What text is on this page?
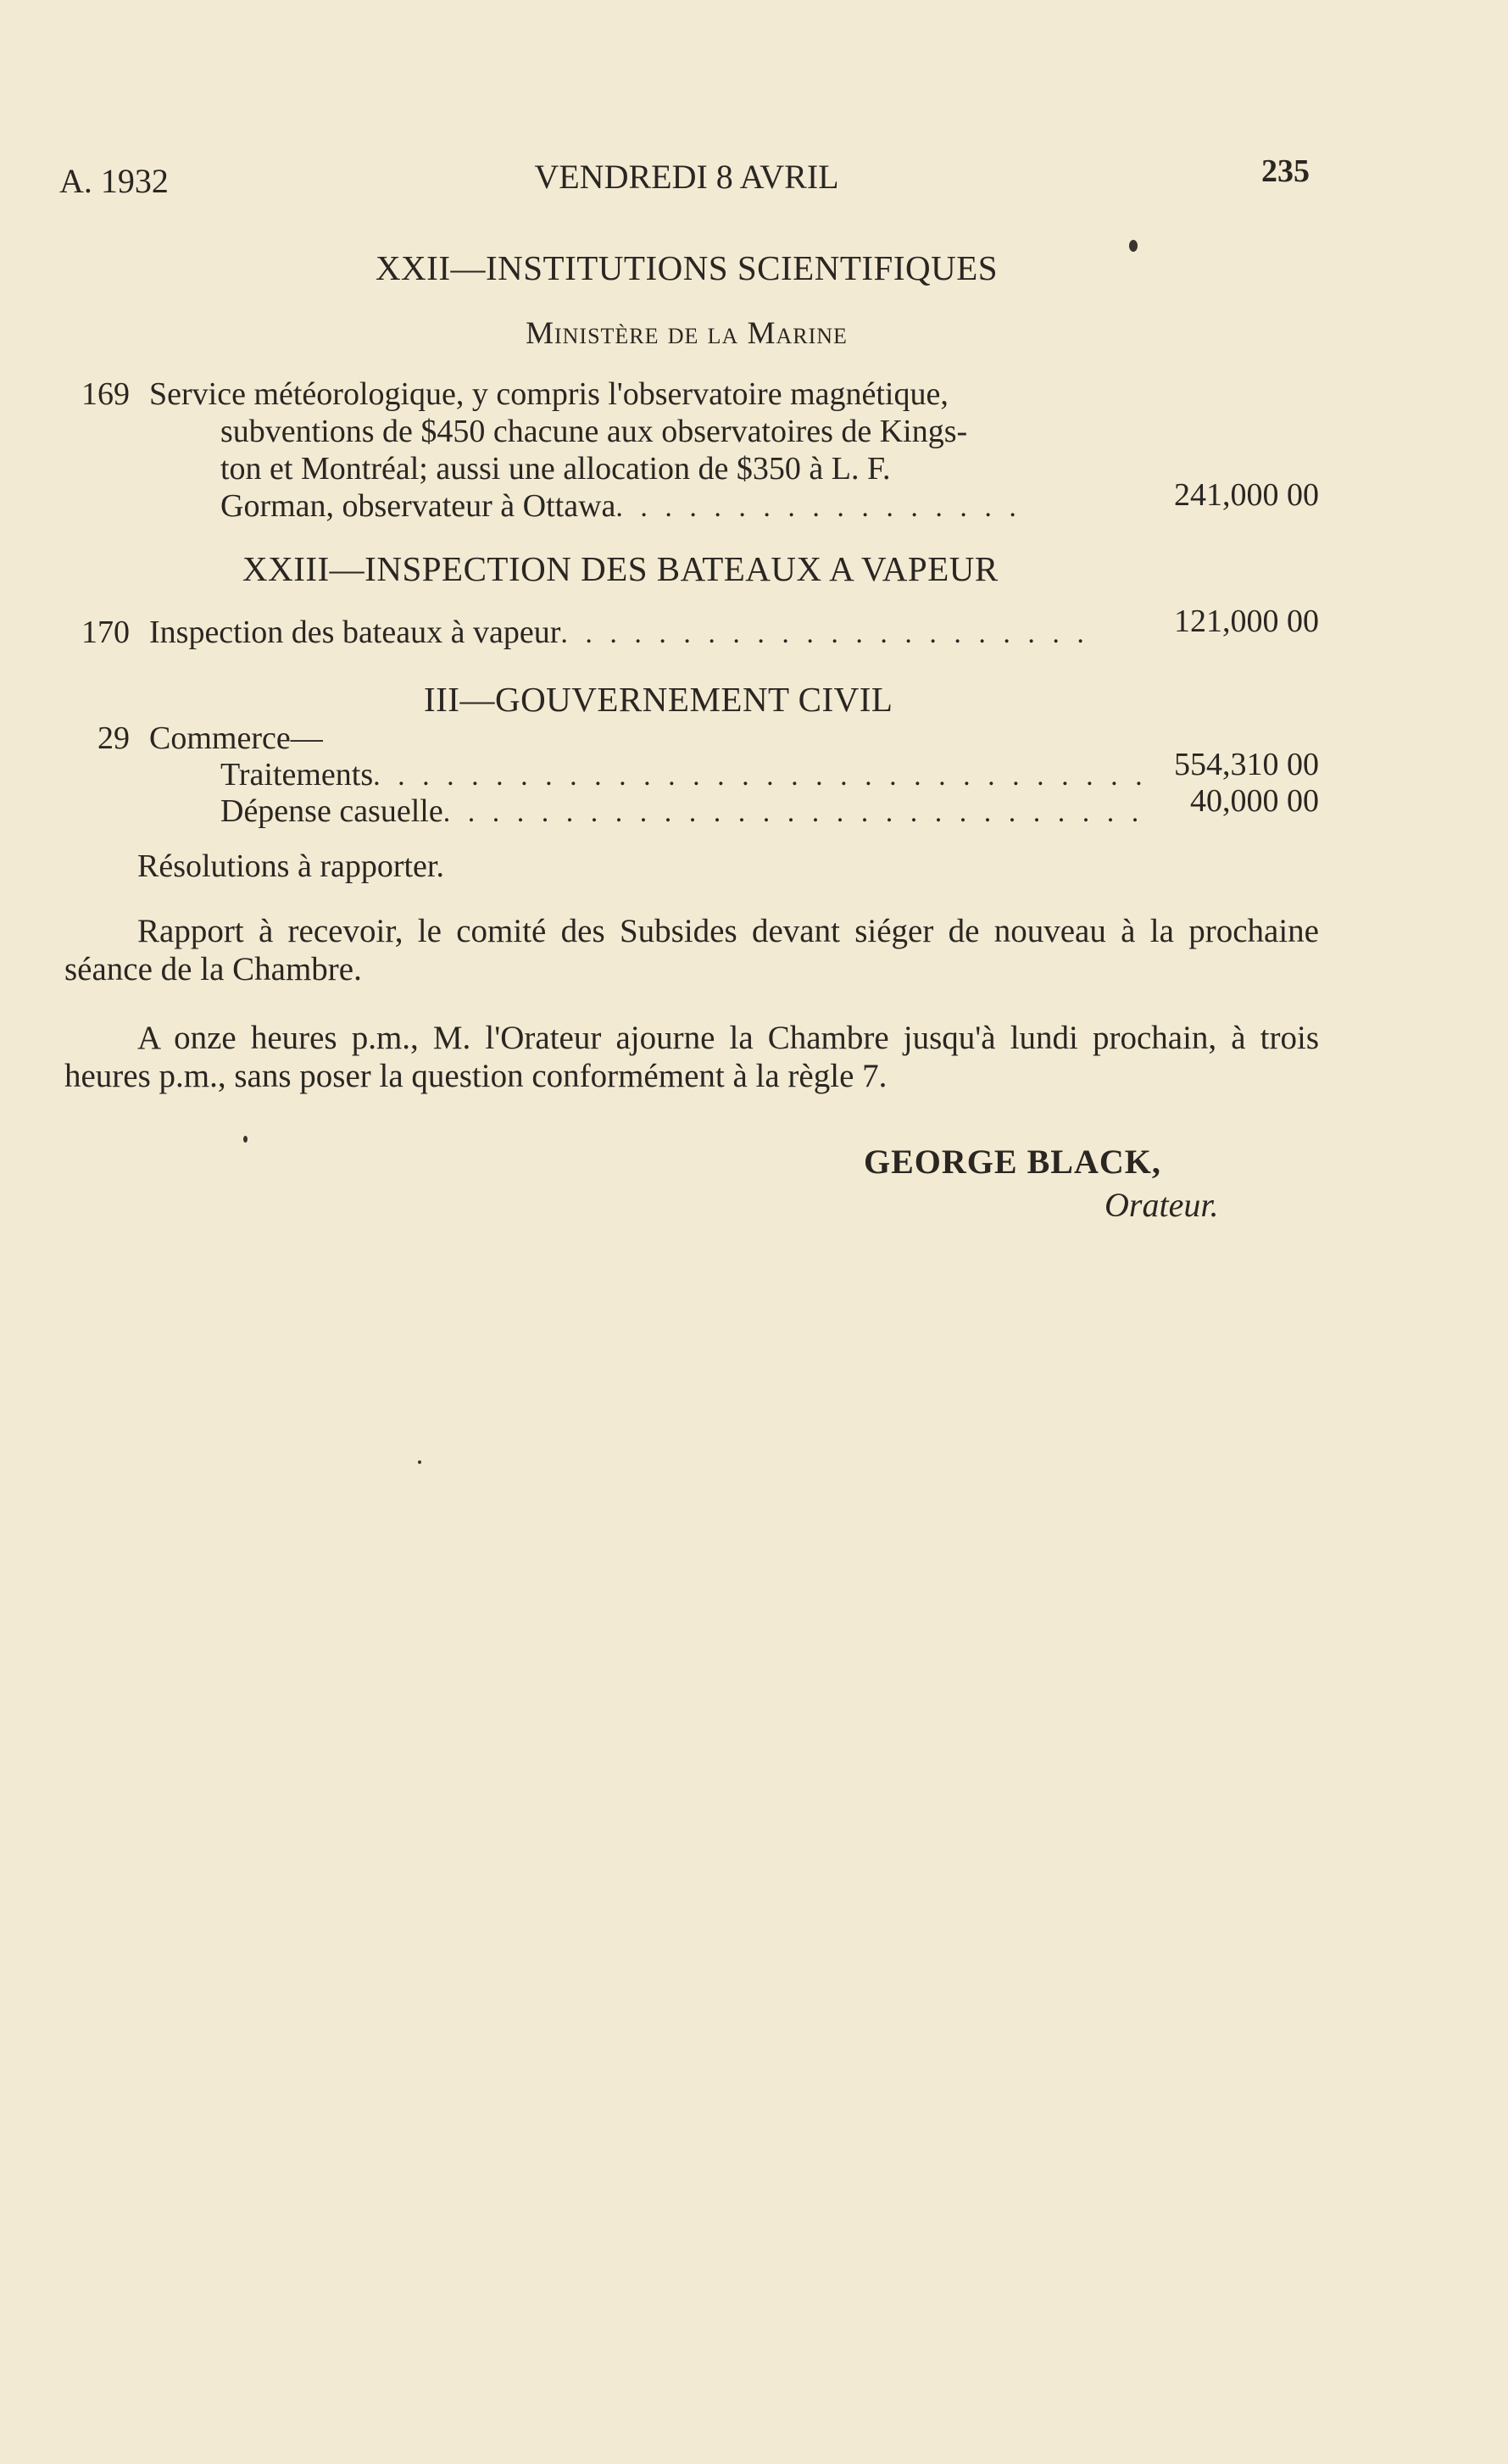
A. 1932	VENDREDI 8 AVRIL	235
XXII—INSTITUTIONS SCIENTIFIQUES
Ministère de la Marine
169 Service météorologique, y compris l'observatoire magnétique,
subventions de $450 chacune aux observatoires de Kings-
ton et Montréal; aussi une allocation de $350 à L. F.
Gorman, observateur à Ottawa. . . . . . . . . . . . . . . . .	241,000 00
XXIII—INSPECTION DES BATEAUX A VAPEUR
170 Inspection des bateaux à vapeur. . . . . . . . . . . . . . . . . . . . . .	121,000 00
III—GOUVERNEMENT CIVIL
29 Commerce—
Traitements. . . . . . . . . . . . . . . . . . . . . . . . . . . . . . . . 554,310 00
Dépense casuelle. . . . . . . . . . . . . . . . . . . . . . . . . . . . .	40,000 00
Résolutions à rapporter.
Rapport à recevoir, le comité des Subsides devant siéger de nouveau à la prochaine séance de la Chambre.
A onze heures p.m., M. l'Orateur ajourne la Chambre jusqu'à lundi prochain, à trois heures p.m., sans poser la question conformément à la règle 7.
GEORGE BLACK,
Orateur.
